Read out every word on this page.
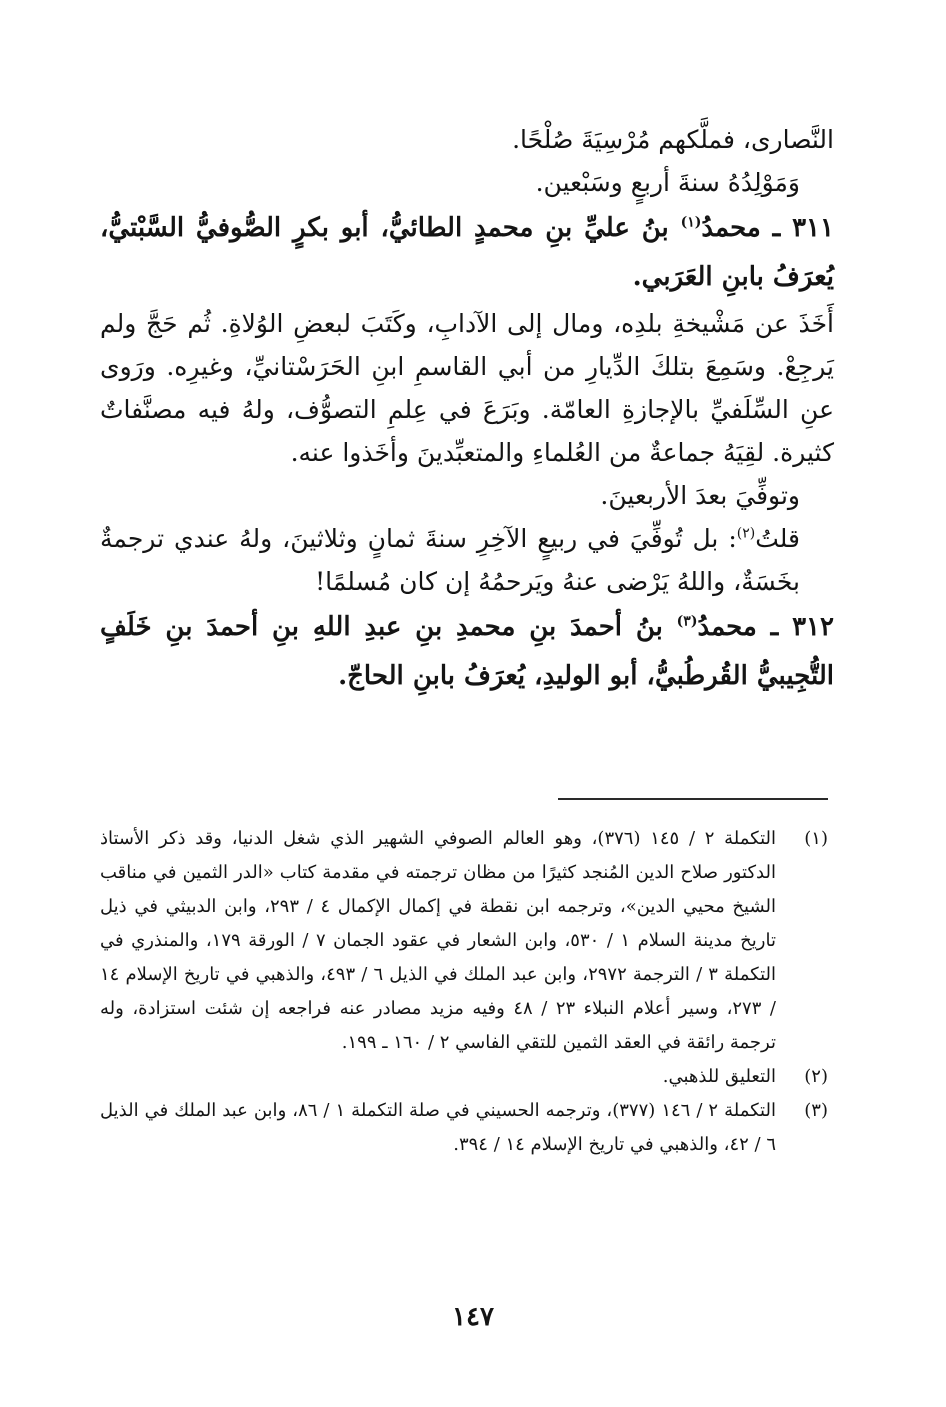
النَّصارى، فملَّكهم مُرْسِيَةَ صُلْحًا.

وَمَوْلِدُهُ سنةَ أربعٍ وسَبْعين.

٣١١ ـ محمدُ$^{(١)}$ بنُ عليِّ بنِ محمدٍ الطائيُّ، أبو بكرٍ الصُّوفيُّ السَّبْتيُّ، يُعرَفُ بابنِ العَرَبي.

أَخَذَ عن مَشْيخةِ بلدِه، ومال إلى الآدابِ، وكَتَبَ لبعضِ الوُلاةِ. ثُم حَجَّ ولم يَرجِعْ. وسَمِعَ بتلكَ الدِّيارِ من أبي القاسمِ ابنِ الحَرَسْتانيِّ، وغيرِه. ورَوى عنِ السِّلَفيِّ بالإجازةِ العامّة. وبَرَعَ في عِلمِ التصوُّف، ولهُ فيه مصنَّفاتٌ كثيرة. لقِيَهُ جماعةٌ من العُلماءِ والمتعبِّدينَ وأخَذوا عنه.

وتوفِّيَ بعدَ الأربعينَ.

قلتُ$^{(٢)}$: بل تُوفِّيَ في ربيعٍ الآخِرِ سنةَ ثمانٍ وثلاثينَ، ولهُ عندي ترجمةٌ بخَسَةٌ، واللهُ يَرْضى عنهُ ويَرحمُهُ إن كان مُسلمًا!

٣١٢ ـ محمدُ$^{(٣)}$ بنُ أحمدَ بنِ محمدِ بنِ عبدِ اللهِ بنِ أحمدَ بنِ خَلَفٍ التُّجِيبيُّ القُرطُبيُّ، أبو الوليدِ، يُعرَفُ بابنِ الحاجّ.

(١)
التكملة ٢ / ١٤٥ (٣٧٦)، وهو العالم الصوفي الشهير الذي شغل الدنيا، وقد ذكر الأستاذ الدكتور صلاح الدين المُنجد كثيرًا من مظان ترجمته في مقدمة كتاب «الدر الثمين في مناقب الشيخ محيي الدين»، وترجمه ابن نقطة في إكمال الإكمال ٤ / ٢٩٣، وابن الدبيثي في ذيل تاريخ مدينة السلام ١ / ٥٣٠، وابن الشعار في عقود الجمان ٧ / الورقة ١٧٩، والمنذري في التكملة ٣ / الترجمة ٢٩٧٢، وابن عبد الملك في الذيل ٦ / ٤٩٣، والذهبي في تاريخ الإسلام ١٤ / ٢٧٣، وسير أعلام النبلاء ٢٣ / ٤٨ وفيه مزيد مصادر عنه فراجعه إن شئت استزادة، وله ترجمة رائقة في العقد الثمين للتقي الفاسي ٢ / ١٦٠ ـ ١٩٩.
(٢)
التعليق للذهبي.
(٣)
التكملة ٢ / ١٤٦ (٣٧٧)، وترجمه الحسيني في صلة التكملة ١ / ٨٦، وابن عبد الملك في الذيل ٦ / ٤٢، والذهبي في تاريخ الإسلام ١٤ / ٣٩٤.
١٤٧
